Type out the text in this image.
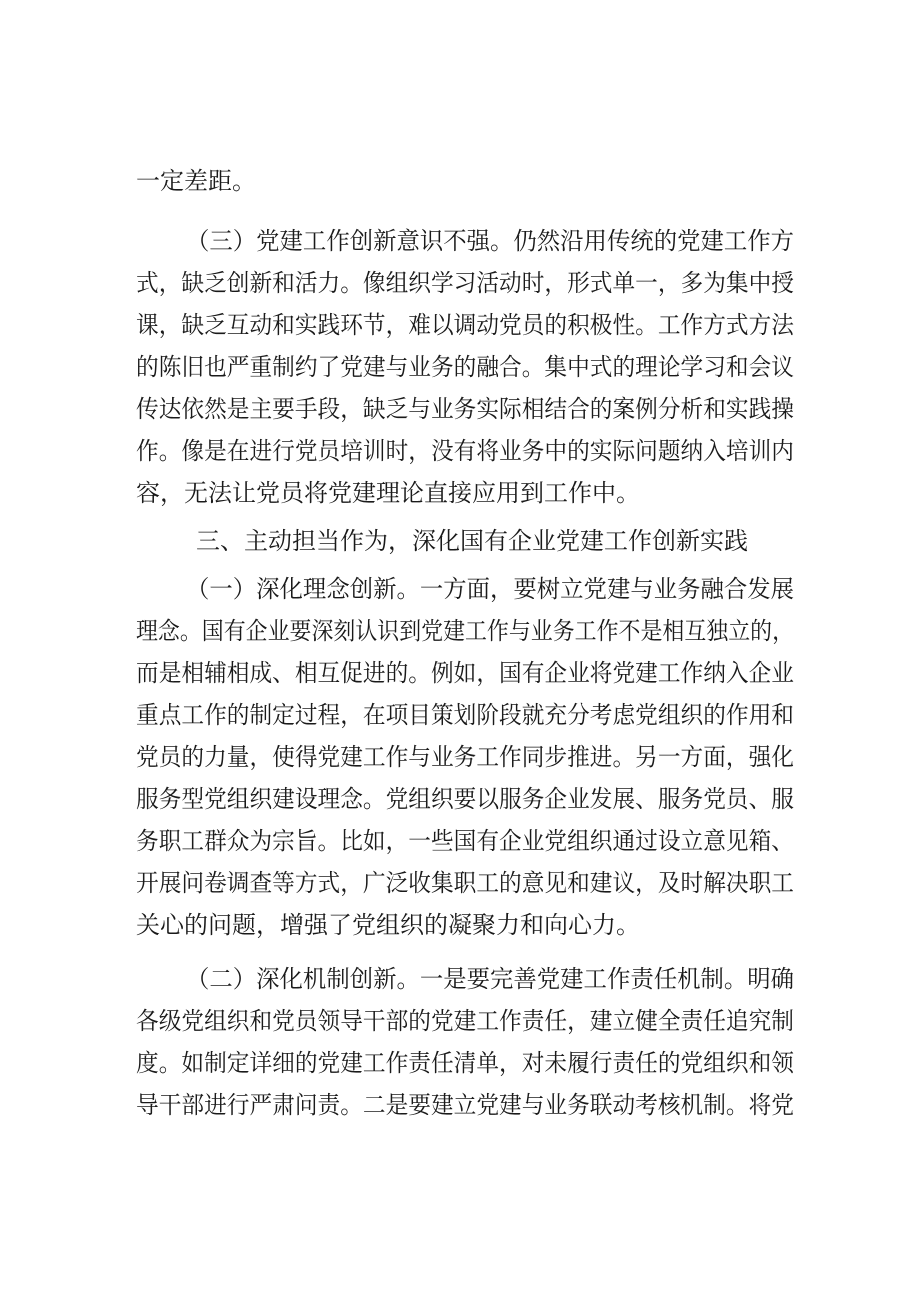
一定差距。

（三）党建工作创新意识不强。仍然沿用传统的党建工作方

式，缺乏创新和活力。像组织学习活动时，形式单一，多为集中授

课，缺乏互动和实践环节，难以调动党员的积极性。工作方式方法

的陈旧也严重制约了党建与业务的融合。集中式的理论学习和会议

传达依然是主要手段，缺乏与业务实际相结合的案例分析和实践操

作。像是在进行党员培训时，没有将业务中的实际问题纳入培训内

容，无法让党员将党建理论直接应用到工作中。

三、主动担当作为，深化国有企业党建工作创新实践

（一）深化理念创新。一方面，要树立党建与业务融合发展

理念。国有企业要深刻认识到党建工作与业务工作不是相互独立的，

而是相辅相成、相互促进的。例如，国有企业将党建工作纳入企业

重点工作的制定过程，在项目策划阶段就充分考虑党组织的作用和

党员的力量，使得党建工作与业务工作同步推进。另一方面，强化

服务型党组织建设理念。党组织要以服务企业发展、服务党员、服

务职工群众为宗旨。比如，一些国有企业党组织通过设立意见箱、

开展问卷调查等方式，广泛收集职工的意见和建议，及时解决职工

关心的问题，增强了党组织的凝聚力和向心力。

（二）深化机制创新。一是要完善党建工作责任机制。明确

各级党组织和党员领导干部的党建工作责任，建立健全责任追究制

度。如制定详细的党建工作责任清单，对未履行责任的党组织和领

导干部进行严肃问责。二是要建立党建与业务联动考核机制。将党
